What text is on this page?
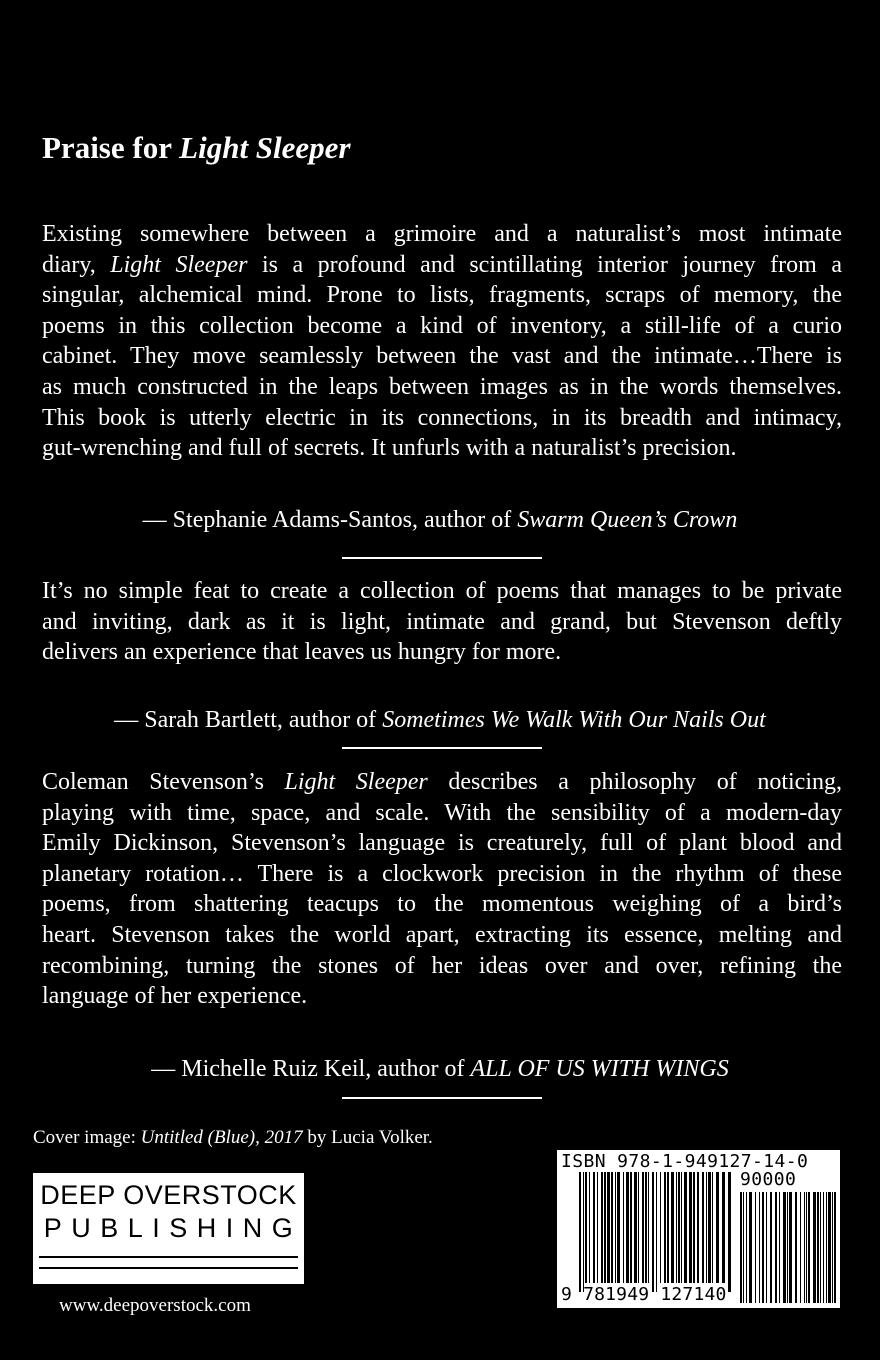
Praise for Light Sleeper
Existing somewhere between a grimoire and a naturalist’s most intimate
diary, Light Sleeper is a profound and scintillating interior journey from a
singular, alchemical mind. Prone to lists, fragments, scraps of memory, the
poems in this collection become a kind of inventory, a still-life of a curio
cabinet. They move seamlessly between the vast and the intimate…There is
as much constructed in the leaps between images as in the words themselves.
This book is utterly electric in its connections, in its breadth and intimacy,
gut-wrenching and full of secrets. It unfurls with a naturalist’s precision.
— Stephanie Adams-Santos, author of Swarm Queen’s Crown
It’s no simple feat to create a collection of poems that manages to be private
and inviting, dark as it is light, intimate and grand, but Stevenson deftly
delivers an experience that leaves us hungry for more.
— Sarah Bartlett, author of Sometimes We Walk With Our Nails Out
Coleman Stevenson’s Light Sleeper describes a philosophy of noticing,
playing with time, space, and scale. With the sensibility of a modern-day
Emily Dickinson, Stevenson’s language is creaturely, full of plant blood and
planetary rotation… There is a clockwork precision in the rhythm of these
poems, from shattering teacups to the momentous weighing of a bird’s
heart. Stevenson takes the world apart, extracting its essence, melting and
recombining, turning the stones of her ideas over and over, refining the
language of her experience.
— Michelle Ruiz Keil, author of ALL OF US WITH WINGS
Cover image: Untitled (Blue), 2017 by Lucia Volker.
DEEP OVERSTOCK
PUBLISHING
www.deepoverstock.com
ISBN 978-1-949127-14-0
90000
9 781949 127140
